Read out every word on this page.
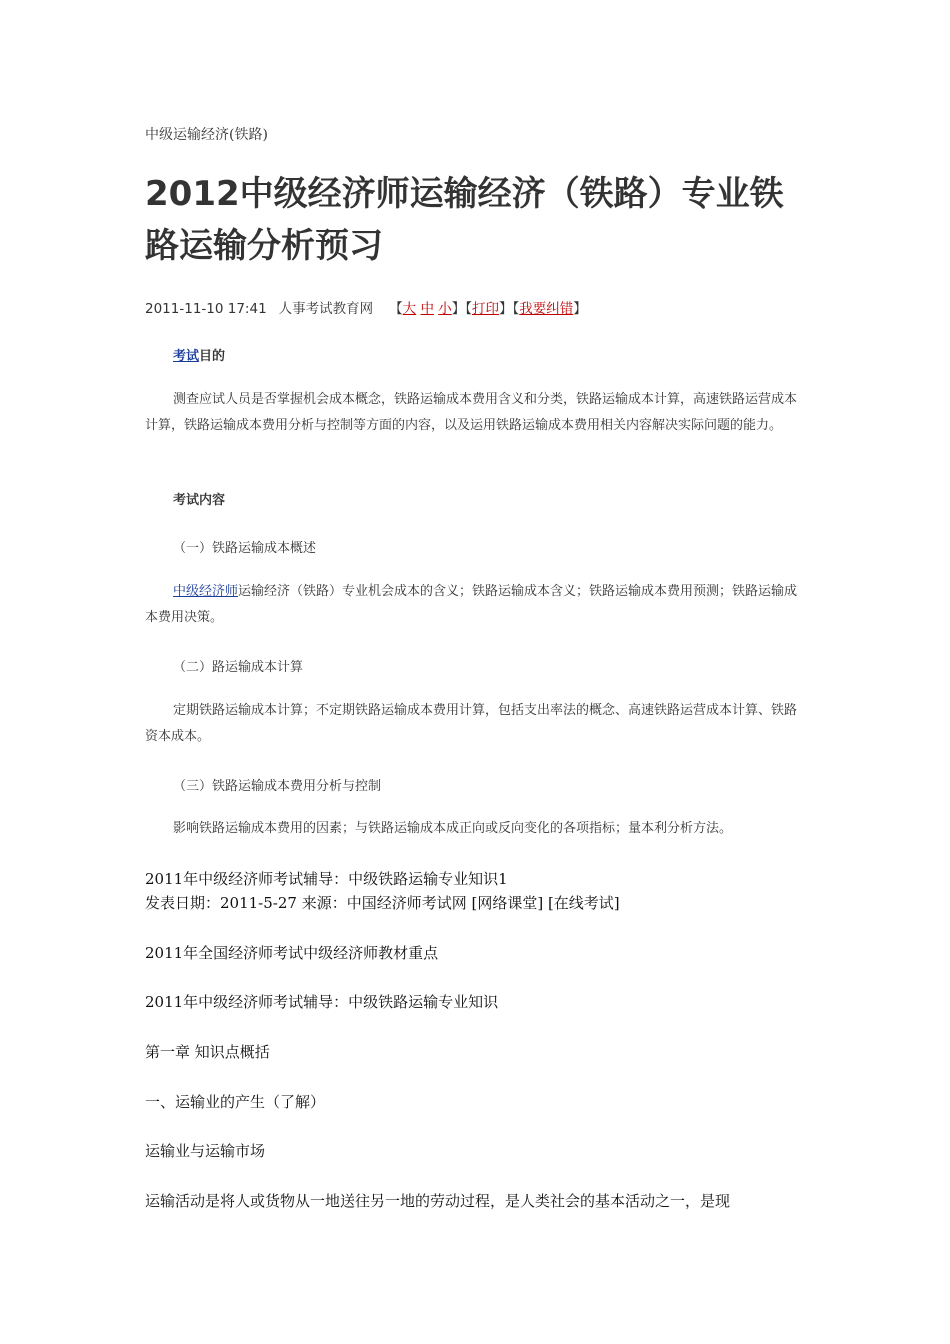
中级运输经济(铁路)
2012中级经济师运输经济（铁路）专业铁路运输分析预习
2011-11-10 17:41 人事考试教育网 【大 中 小】【打印】【我要纠错】
考试目的

测查应试人员是否掌握机会成本概念，铁路运输成本费用含义和分类，铁路运输成本计算，高速铁路运营成本计算，铁路运输成本费用分析与控制等方面的内容，以及运用铁路运输成本费用相关内容解决实际问题的能力。

考试内容
（一）铁路运输成本概述

中级经济师运输经济（铁路）专业机会成本的含义；铁路运输成本含义；铁路运输成本费用预测；铁路运输成本费用决策。

（二）路运输成本计算

定期铁路运输成本计算；不定期铁路运输成本费用计算，包括支出率法的概念、高速铁路运营成本计算、铁路资本成本。

（三）铁路运输成本费用分析与控制

影响铁路运输成本费用的因素；与铁路运输成本成正向或反向变化的各项指标；量本利分析方法。

2011年中级经济师考试辅导：中级铁路运输专业知识1

发表日期：2011-5-27 来源：中国经济师考试网 [网络课堂] [在线考试]

2011年全国经济师考试中级经济师教材重点

2011年中级经济师考试辅导：中级铁路运输专业知识

第一章 知识点概括

一、运输业的产生（了解）

运输业与运输市场

运输活动是将人或货物从一地送往另一地的劳动过程，是人类社会的基本活动之一，是现
